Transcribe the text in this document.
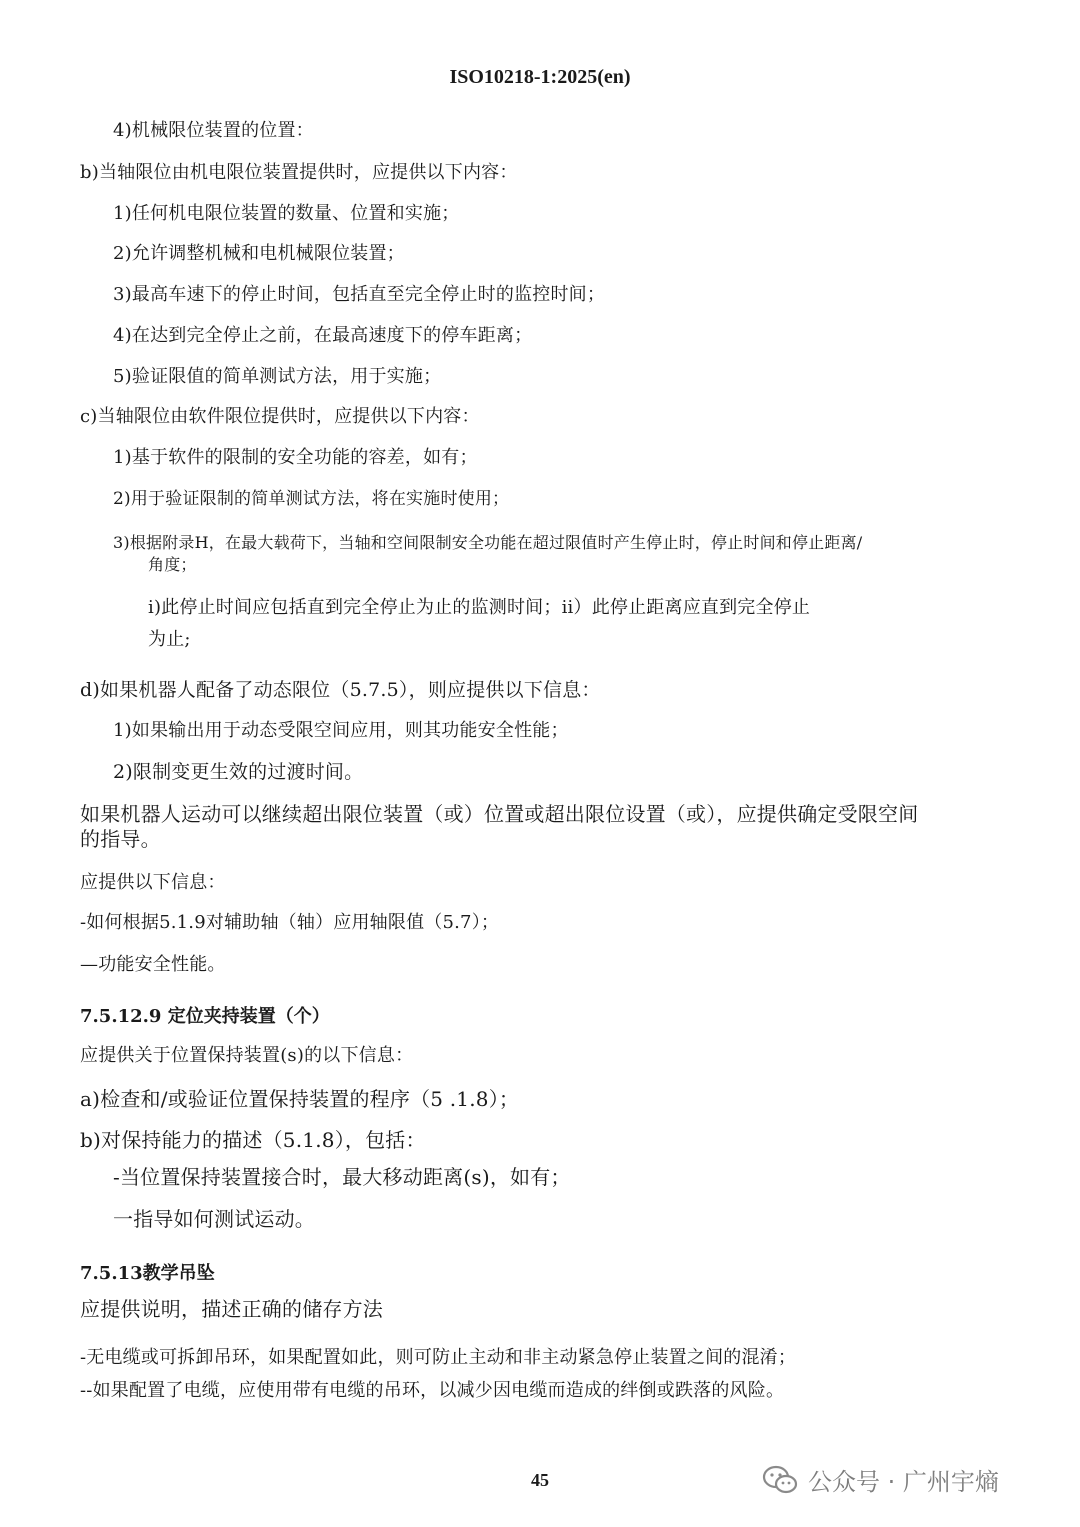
ISO10218-1:2025(en)
4)机械限位装置的位置：
b)当轴限位由机电限位装置提供时，应提供以下内容：
1)任何机电限位装置的数量、位置和实施；
2)允许调整机械和电机械限位装置；
3)最高车速下的停止时间，包括直至完全停止时的监控时间；
4)在达到完全停止之前，在最高速度下的停车距离；
5)验证限值的简单测试方法，用于实施；
c)当轴限位由软件限位提供时，应提供以下内容：
1)基于软件的限制的安全功能的容差，如有；
2)用于验证限制的简单测试方法，将在实施时使用；
3)根据附录H，在最大载荷下，当轴和空间限制安全功能在超过限值时产生停止时，停止时间和停止距离/
角度；
i)此停止时间应包括直到完全停止为止的监测时间；ii）此停止距离应直到完全停止
为止;
d)如果机器人配备了动态限位（5.7.5），则应提供以下信息：
1)如果输出用于动态受限空间应用，则其功能安全性能；
2)限制变更生效的过渡时间。
如果机器人运动可以继续超出限位装置（或）位置或超出限位设置（或），应提供确定受限空间
的指导。
应提供以下信息：
-如何根据5.1.9对辅助轴（轴）应用轴限值（5.7）；
—功能安全性能。
7.5.12.9 定位夹持装置（个）
应提供关于位置保持装置(s)的以下信息：
a)检查和/或验证位置保持装置的程序（5 .1.8）；
b)对保持能力的描述（5.1.8），包括：
-当位置保持装置接合时，最大移动距离(s)，如有；
一指导如何测试运动。
7.5.13教学吊坠
应提供说明，描述正确的储存方法
-无电缆或可拆卸吊环，如果配置如此，则可防止主动和非主动紧急停止装置之间的混淆；
--如果配置了电缆，应使用带有电缆的吊环，以减少因电缆而造成的绊倒或跌落的风险。
45	公众号 · 广州宇熵
